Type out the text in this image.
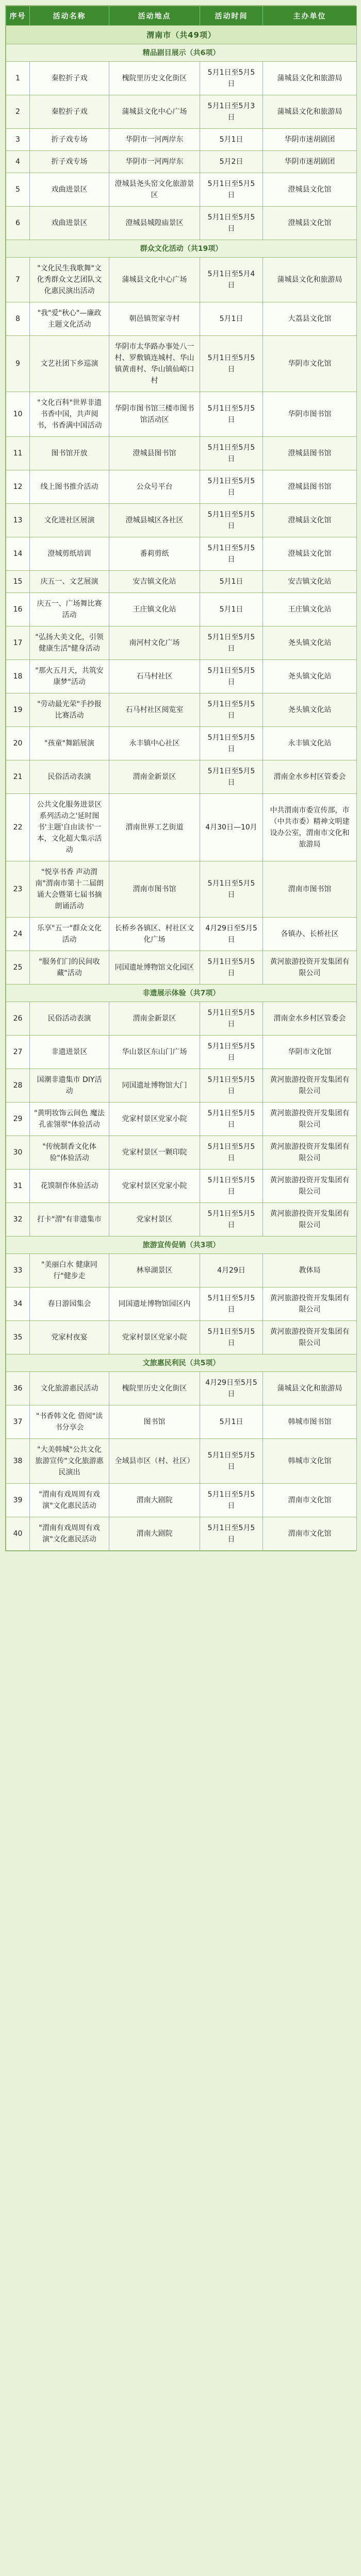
序号	活动名称	活动地点	活动时间	主办单位
渭南市（共49项）				
精品剧目展示（共6项）				
1	秦腔折子戏	槐院里历史文化街区	5月1日至5月5日	蒲城县文化和旅游局
2	秦腔折子戏	蒲城县文化中心广场	5月1日至5月3日	蒲城县文化和旅游局
3	折子戏专场	华阴市一河两岸东	5月1日	华阴市迷胡剧团
4	折子戏专场	华阴市一河两岸东	5月2日	华阴市迷胡剧团
5	戏曲进景区	澄城县尧头窑文化旅游景区	5月1日至5月5日	澄城县文化馆
6	戏曲进景区	澄城县城隍庙景区	5月1日至5月5日	澄城县文化馆
群众文化活动（共19项）				
7	"文化民生我歌舞"文化秀群众文艺团队文化惠民演出活动	蒲城县文化中心广场	5月1日至5月4日	蒲城县文化和旅游局
8	"我"爱"秋心"—廉政主题文化活动	朝邑镇贺家寺村	5月1日	大荔县文化馆
9	文艺社团下乡巡演	华阴市太华路办事处八一村、罗敷镇连城村、华山镇黄甫村、华山镇仙峪口村	5月1日至5月5日	华阴市文化馆
10	"文化百科"世界非遗书香中国，共声阅书，书香满中国活动	华阴市图书馆三楼市图书馆活动区	5月1日至5月5日	华阴市图书馆
11	图书馆开放	澄城县图书馆	5月1日至5月5日	澄城县图书馆
12	线上图书推介活动	公众号平台	5月1日至5月5日	澄城县图书馆
13	文化进社区展演	澄城县城区各社区	5月1日至5月5日	澄城县文化馆
14	澄城剪纸培训	番莉剪纸	5月1日至5月5日	澄城县文化馆
15	庆五一、文艺展演	安吉镇文化站	5月1日	安吉镇文化站
16	庆五一、广场舞比赛活动	王庄镇文化站	5月1日	王庄镇文化站
17	"弘扬大美文化，引领健康生活"健身活动	南河村文化广场	5月1日至5月5日	尧头镇文化站
18	"那火五月天，共筑安康梦"活动	石马村社区	5月1日至5月5日	尧头镇文化站
19	"劳动最光荣"手抄报比赛活动	石马村社区阅览室	5月1日至5月5日	尧头镇文化站
20	"孩童"舞蹈展演	永丰镇中心社区	5月1日至5月5日	永丰镇文化站
21	民俗活动表演	渭南金新景区	5月1日至5月5日	渭南金水乡村区管委会
22	公共文化服务进景区系列活动之'延时图书'主题'自由读书'一本，文化超大集示活动	渭南世界工艺街道	4月30日—10月	中共渭南市委宣传部，市（中共市委）精神文明建设办公室，渭南市文化和旅游局
23	"悦享书香 声动渭南"渭南市第十二届朗诵大会暨第七届书摘朗诵活动	渭南市图书馆	5月1日至5月5日	渭南市图书馆
24	乐享"五一"群众文化活动	长桥乡各镇区、村社区文化广场	4月29日至5月5日	各镇办、长桥社区
25	"服务们门的民间收藏"活动	同国遗址博物馆文化园区	5月1日至5月5日	黄河旅游投资开发集团有限公司
非遗展示体验（共7项）				
26	民俗活动表演	渭南金新景区	5月1日至5月5日	渭南金水乡村区管委会
27	非遗进景区	华山景区东山门广场	5月1日至5月5日	华阴市文化馆
28	国潮非遗集市 DIY活动	同国遗址博物馆大门	5月1日至5月5日	黄河旅游投资开发集团有限公司
29	"黄明妆饰云间色 魔法孔雀翎翠"体验活动	党家村景区党家小院	5月1日至5月5日	黄河旅游投资开发集团有限公司
30	"传统制香文化体验"体验活动	党家村景区一颗印院	5月1日至5月5日	黄河旅游投资开发集团有限公司
31	花馍制作体验活动	党家村景区党家小院	5月1日至5月5日	黄河旅游投资开发集团有限公司
32	打卡"渭"有非遗集市	党家村景区	5月1日至5月5日	黄河旅游投资开发集团有限公司
旅游宣传促销（共3项）				
33	"美丽白水 健康同行"健步走	林皋湖景区	4月29日	教体局
34	春日游园集会	同国遗址博物馆园区内	5月1日至5月5日	黄河旅游投资开发集团有限公司
35	党家村夜宴	党家村景区党家小院	5月1日至5月5日	黄河旅游投资开发集团有限公司
文旅惠民利民（共5项）				
36	文化旅游惠民活动	槐院里历史文化街区	4月29日至5月5日	蒲城县文化和旅游局
37	"书香韩文化 借阅"读书分享会	图书馆	5月1日	韩城市图书馆
38	"大美韩城"公共文化旅游宣传"文化旅游惠民演出	全域县市区（村、社区）	5月1日至5月5日	韩城市文化馆
39	"渭南有戏周周有戏演"文化惠民活动	渭南大剧院	5月1日至5月5日	渭南市文化馆
40	"渭南有戏周周有戏演"文化惠民活动	渭南大剧院	5月1日至5月5日	渭南市文化馆
